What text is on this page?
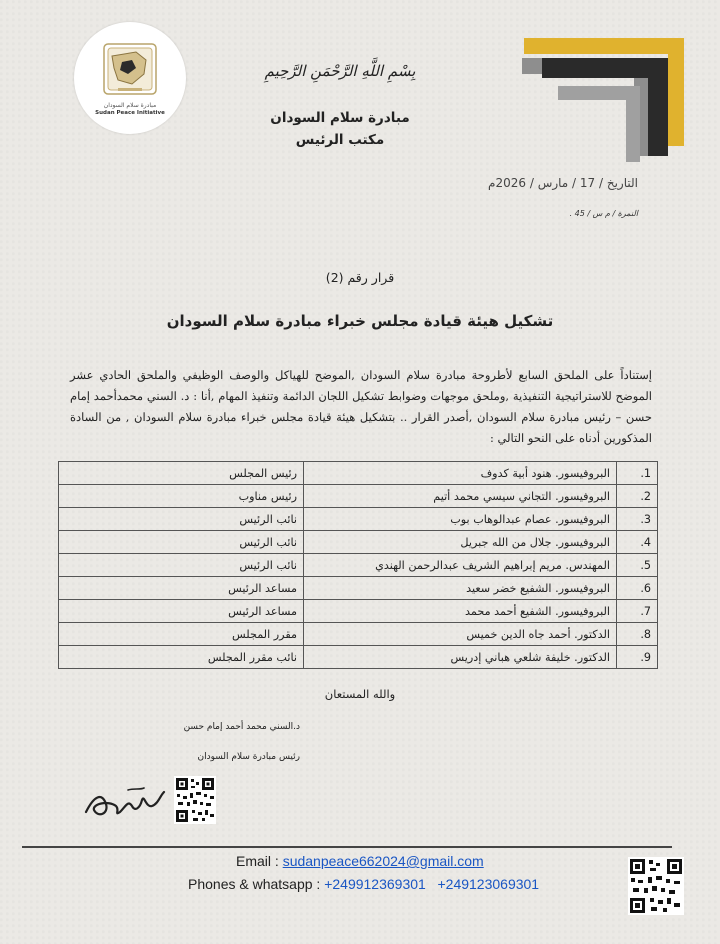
مبادرة سلام السودان
Sudan Peace Initiative
بِسْمِ اللَّهِ الرَّحْمَنِ الرَّحِيمِ
مبادرة سلام السودان
مكتب الرئيس
التاريخ / 17 / مارس / 2026م
النمرة / م س / 45 .
قرار رقم (2)
تشكيل هيئة قيادة مجلس خبراء مبادرة سلام السودان
إستناداً على الملحق السابع لأطروحة مبادرة سلام السودان ,الموضح للهياكل والوصف الوظيفي والملحق الحادي عشر الموضح للاستراتيجية التنفيذية ,وملحق موجهات وضوابط تشكيل اللجان الدائمة وتنفيذ المهام ,أنا : د. السني محمدأحمد إمام حسن – رئيس مبادرة سلام السودان ,أصدر القرار .. بتشكيل هيئة قيادة مجلس خبراء مبادرة سلام السودان , من السادة المذكورين أدناه على النحو التالي :
1.	البروفيسور. هنود أبية كدوف	رئيس المجلس
2.	البروفيسور. التجاني سيسي محمد أتيم	رئيس مناوب
3.	البروفيسور. عصام عبدالوهاب بوب	نائب الرئيس
4.	البروفيسور. جلال من الله جبريل	نائب الرئيس
5.	المهندس. مريم إبراهيم الشريف عبدالرحمن الهندي	نائب الرئيس
6.	البروفيسور. الشفيع خضر سعيد	مساعد الرئيس
7.	البروفيسور. الشفيع أحمد محمد	مساعد الرئيس
8.	الدكتور. أحمد جاه الدين خميس	مقرر المجلس
9.	الدكتور. خليفة شلعي هباني إدريس	نائب مقرر المجلس
والله المستعان
د.السني محمد أحمد إمام حسن
رئيس مبادرة سلام السودان
Email : sudanpeace662024@gmail.com
Phones & whatsapp : +249912369301 +249123069301
